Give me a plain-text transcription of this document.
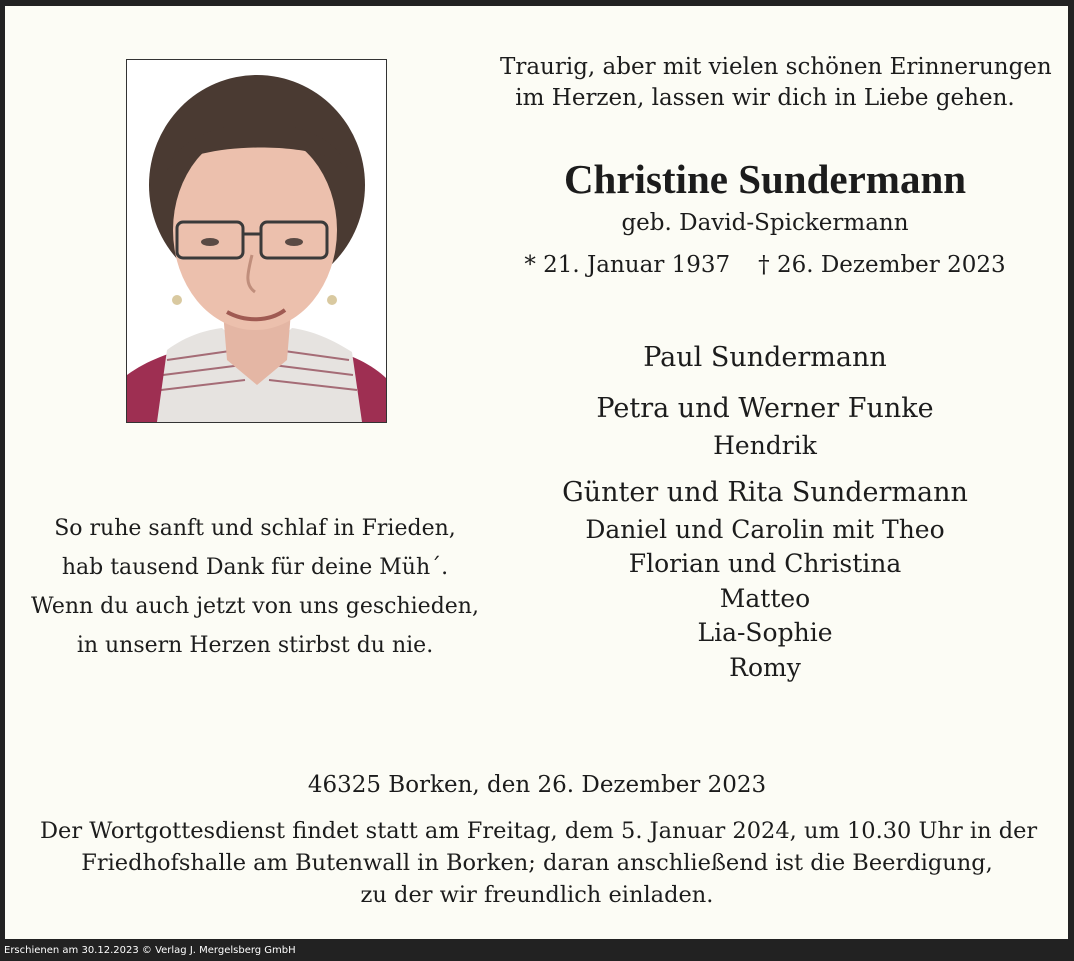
Traurig, aber mit vielen schönen Erinnerungen
im Herzen, lassen wir dich in Liebe gehen.
Christine Sundermann
geb. David-Spickermann
* 21. Januar 1937 † 26. Dezember 2023
Paul Sundermann
Petra und Werner Funke
Hendrik
Günter und Rita Sundermann
Daniel und Carolin mit Theo
Florian und Christina
Matteo
Lia-Sophie
Romy
So ruhe sanft und schlaf in Frieden,
hab tausend Dank für deine Müh´.
Wenn du auch jetzt von uns geschieden,
in unsern Herzen stirbst du nie.
46325 Borken, den 26. Dezember 2023
Der Wortgottesdienst findet statt am Freitag, dem 5. Januar 2024, um 10.30 Uhr in der
Friedhofshalle am Butenwall in Borken; daran anschließend ist die Beerdigung,
zu der wir freundlich einladen.
Erschienen am 30.12.2023 © Verlag J. Mergelsberg GmbH
